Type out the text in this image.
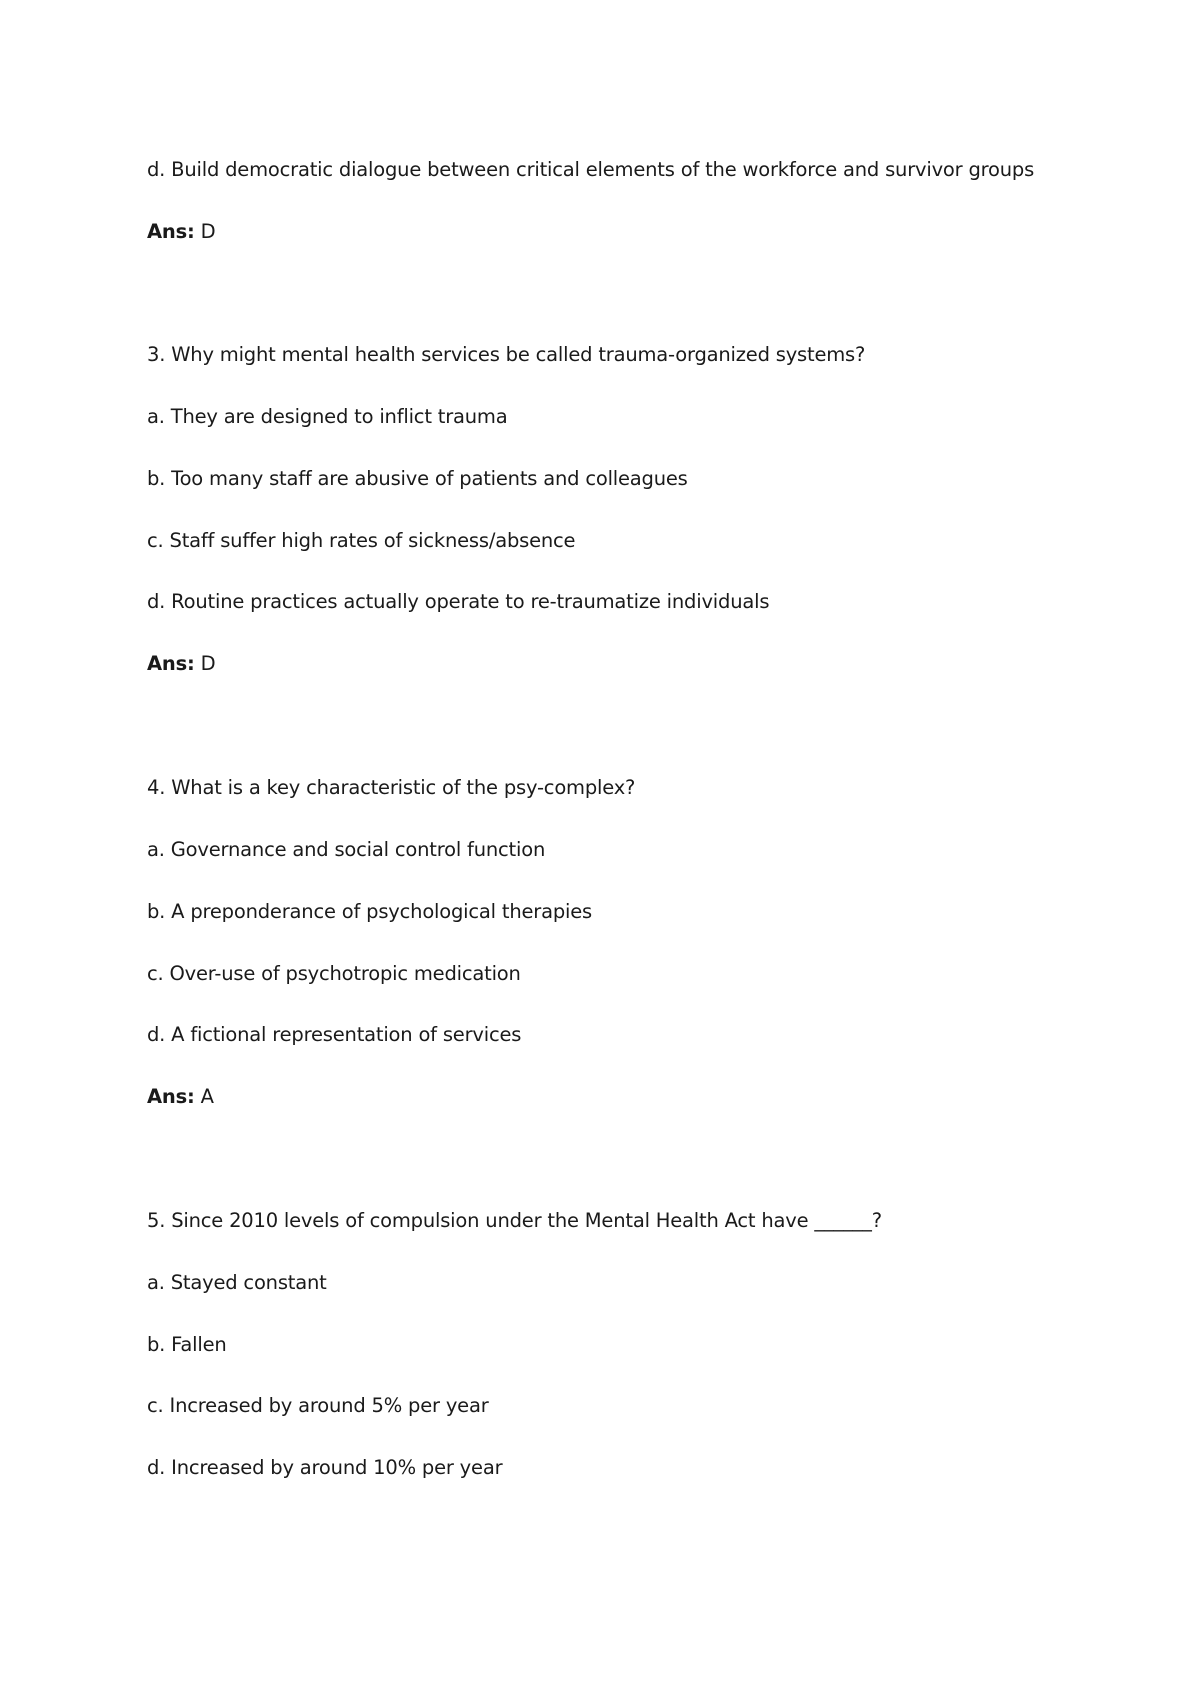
d. Build democratic dialogue between critical elements of the workforce and survivor groups
Ans: D
3. Why might mental health services be called trauma-organized systems?
a. They are designed to inflict trauma
b. Too many staff are abusive of patients and colleagues
c. Staff suffer high rates of sickness/absence
d. Routine practices actually operate to re-traumatize individuals
Ans: D
4. What is a key characteristic of the psy-complex?
a. Governance and social control function
b. A preponderance of psychological therapies
c. Over-use of psychotropic medication
d. A fictional representation of services
Ans: A
5. Since 2010 levels of compulsion under the Mental Health Act have ______?
a. Stayed constant
b. Fallen
c. Increased by around 5% per year
d. Increased by around 10% per year
